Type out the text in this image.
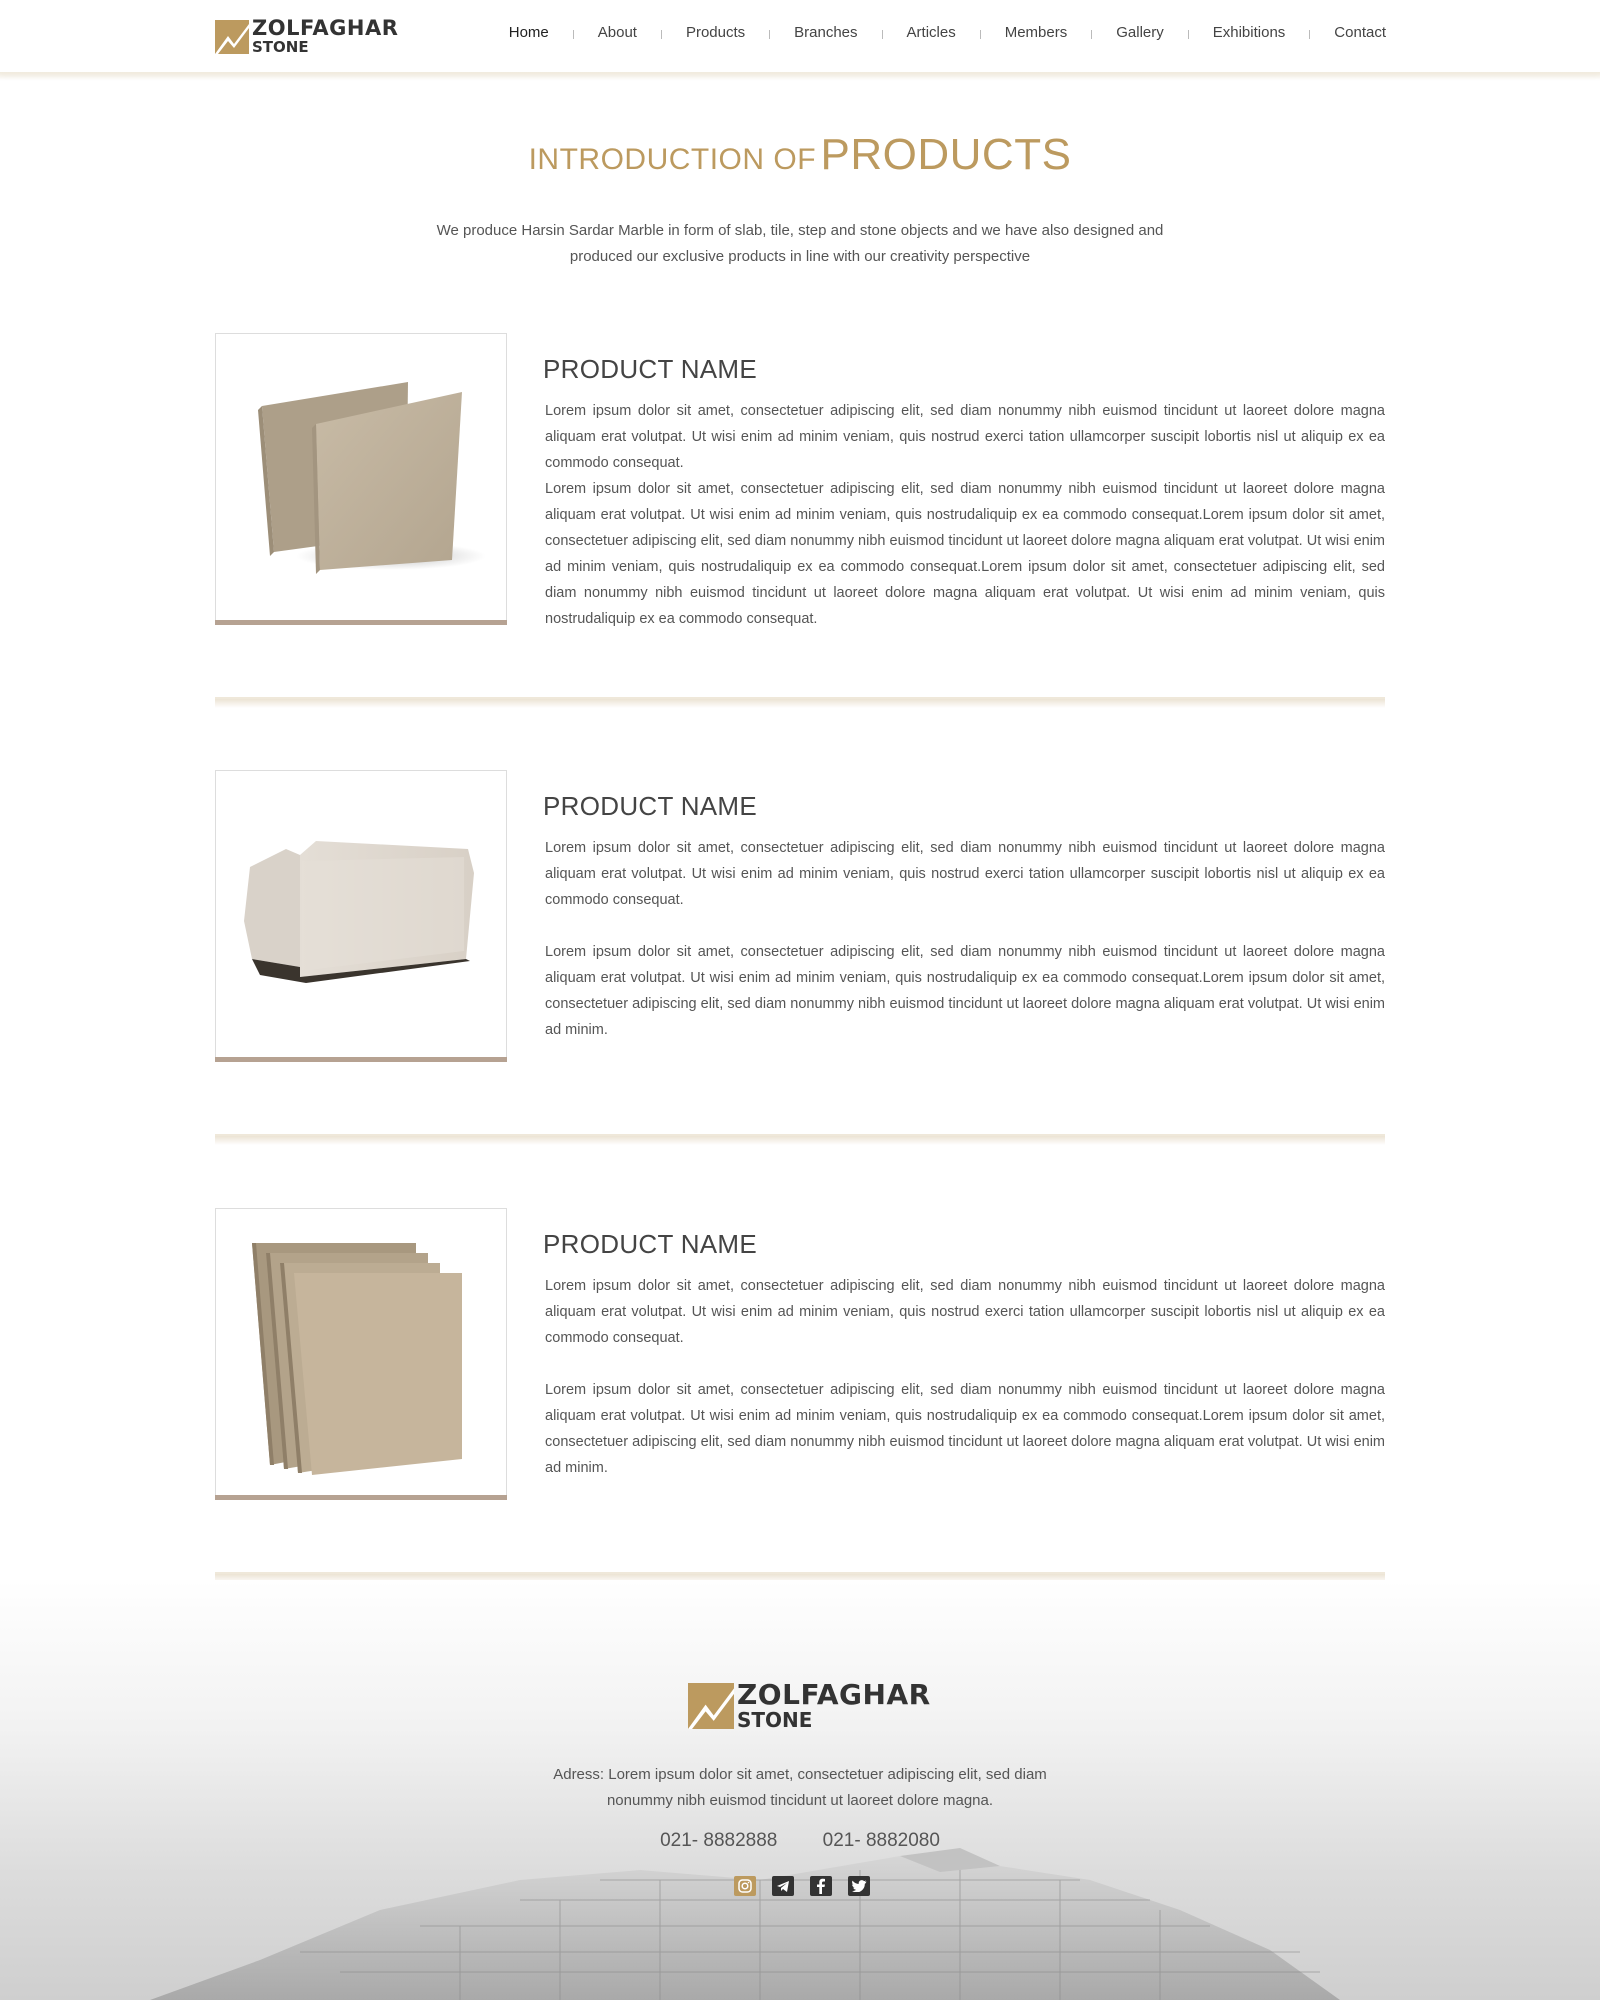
ZOLFAGHAR
STONE
Home	About	Products	Branches	Articles	Members	Gallery	Exhibitions	Contact
INTRODUCTION OF PRODUCTS
We produce Harsin Sardar Marble in form of slab, tile, step and stone objects and we have also designed and produced our exclusive products in line with our creativity perspective
PRODUCT NAME

Lorem ipsum dolor sit amet, consectetuer adipiscing elit, sed diam nonummy nibh euismod tincidunt ut laoreet dolore magna aliquam erat volutpat. Ut wisi enim ad minim veniam, quis nostrud exerci tation ullamcorper suscipit lobortis nisl ut aliquip ex ea commodo consequat.

Lorem ipsum dolor sit amet, consectetuer adipiscing elit, sed diam nonummy nibh euismod tincidunt ut laoreet dolore magna aliquam erat volutpat. Ut wisi enim ad minim veniam, quis nostrudaliquip ex ea commodo consequat.Lorem ipsum dolor sit amet, consectetuer adipiscing elit, sed diam nonummy nibh euismod tincidunt ut laoreet dolore magna aliquam erat volutpat. Ut wisi enim ad minim veniam, quis nostrudaliquip ex ea commodo consequat.Lorem ipsum dolor sit amet, consectetuer adipiscing elit, sed diam nonummy nibh euismod tincidunt ut laoreet dolore magna aliquam erat volutpat. Ut wisi enim ad minim veniam, quis nostrudaliquip ex ea commodo consequat.

PRODUCT NAME

Lorem ipsum dolor sit amet, consectetuer adipiscing elit, sed diam nonummy nibh euismod tincidunt ut laoreet dolore magna aliquam erat volutpat. Ut wisi enim ad minim veniam, quis nostrud exerci tation ullamcorper suscipit lobortis nisl ut aliquip ex ea commodo consequat.

Lorem ipsum dolor sit amet, consectetuer adipiscing elit, sed diam nonummy nibh euismod tincidunt ut laoreet dolore magna aliquam erat volutpat. Ut wisi enim ad minim veniam, quis nostrudaliquip ex ea commodo consequat.Lorem ipsum dolor sit amet, consectetuer adipiscing elit, sed diam nonummy nibh euismod tincidunt ut laoreet dolore magna aliquam erat volutpat. Ut wisi enim ad minim.

PRODUCT NAME

Lorem ipsum dolor sit amet, consectetuer adipiscing elit, sed diam nonummy nibh euismod tincidunt ut laoreet dolore magna aliquam erat volutpat. Ut wisi enim ad minim veniam, quis nostrud exerci tation ullamcorper suscipit lobortis nisl ut aliquip ex ea commodo consequat.

Lorem ipsum dolor sit amet, consectetuer adipiscing elit, sed diam nonummy nibh euismod tincidunt ut laoreet dolore magna aliquam erat volutpat. Ut wisi enim ad minim veniam, quis nostrudaliquip ex ea commodo consequat.Lorem ipsum dolor sit amet, consectetuer adipiscing elit, sed diam nonummy nibh euismod tincidunt ut laoreet dolore magna aliquam erat volutpat. Ut wisi enim ad minim.

ZOLFAGHAR
STONE
Adress: Lorem ipsum dolor sit amet, consectetuer adipiscing elit, sed diam nonummy nibh euismod tincidunt ut laoreet dolore magna.
021- 8882888 021- 8882080
